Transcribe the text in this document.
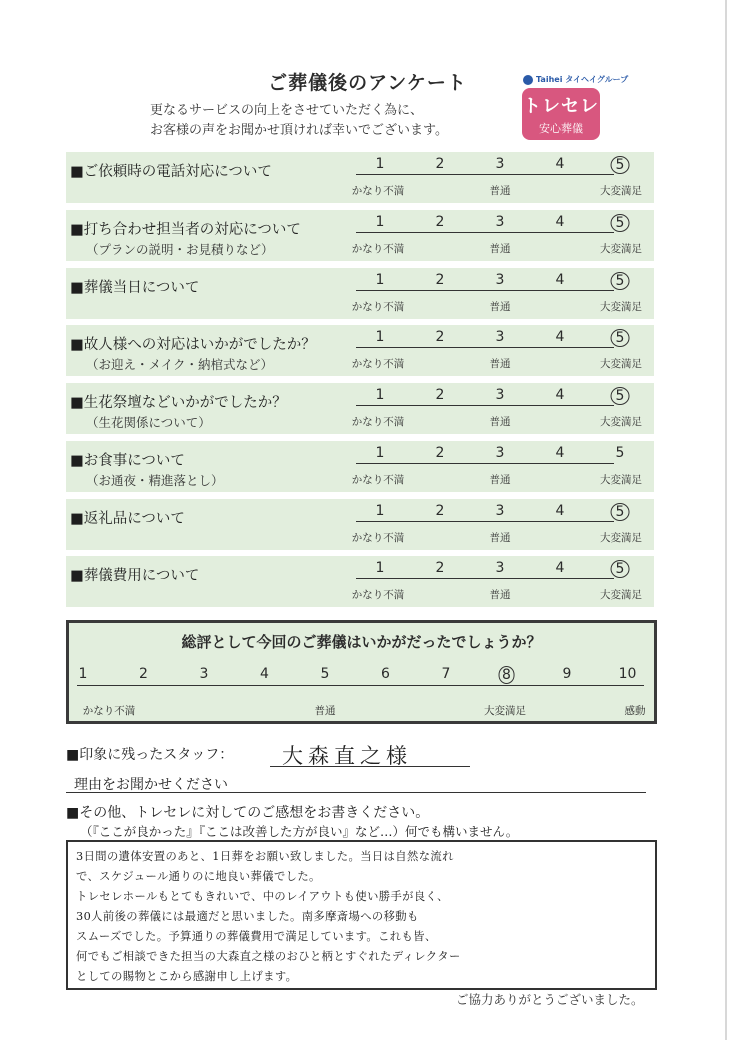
ご葬儀後のアンケート
更なるサービスの向上をさせていただく為に、
お客様の声をお聞かせ頂ければ幸いでございます。
Taihei タイヘイグループ
トレセレ
安心葬儀
■ご依頼時の電話対応について	1	2	3	4	5
かなり不満	普通	大変満足
■打ち合わせ担当者の対応について
（プランの説明・お見積りなど）
1	2	3	4	5
かなり不満	普通	大変満足
■葬儀当日について	1	2	3	4	5
かなり不満	普通	大変満足
■故人様への対応はいかがでしたか？
（お迎え・メイク・納棺式など）
1	2	3	4	5
かなり不満	普通	大変満足
■生花祭壇などいかがでしたか？
（生花関係について）
1	2	3	4	5
かなり不満	普通	大変満足
■お食事について
（お通夜・精進落とし）
1	2	3	4	5
かなり不満	普通	大変満足
■返礼品について	1	2	3	4	5
かなり不満	普通	大変満足
■葬儀費用について	1	2	3	4	5
かなり不満	普通	大変満足
総評として今回のご葬儀はいかがだったでしょうか？
1	2	3	4	5	6	7	8	9	10
かなり不満	普通	大変満足	感動
■印象に残ったスタッフ： 大森直之様
理由をお聞かせください
■その他、トレセレに対してのご感想をお書きください。
（『ここが良かった』『ここは改善した方が良い』など…）何でも構いません。
3日間の遺体安置のあと、1日葬をお願い致しました。当日は自然な流れ
で、スケジュール通りのに地良い葬儀でした。
トレセレホールもとてもきれいで、中のレイアウトも使い勝手が良く、
30人前後の葬儀には最適だと思いました。南多摩斎場への移動も
スムーズでした。予算通りの葬儀費用で満足しています。これも皆、
何でもご相談できた担当の大森直之様のおひと柄とすぐれたディレクター
としての賜物とこから感謝申し上げます。
ご協力ありがとうございました。
